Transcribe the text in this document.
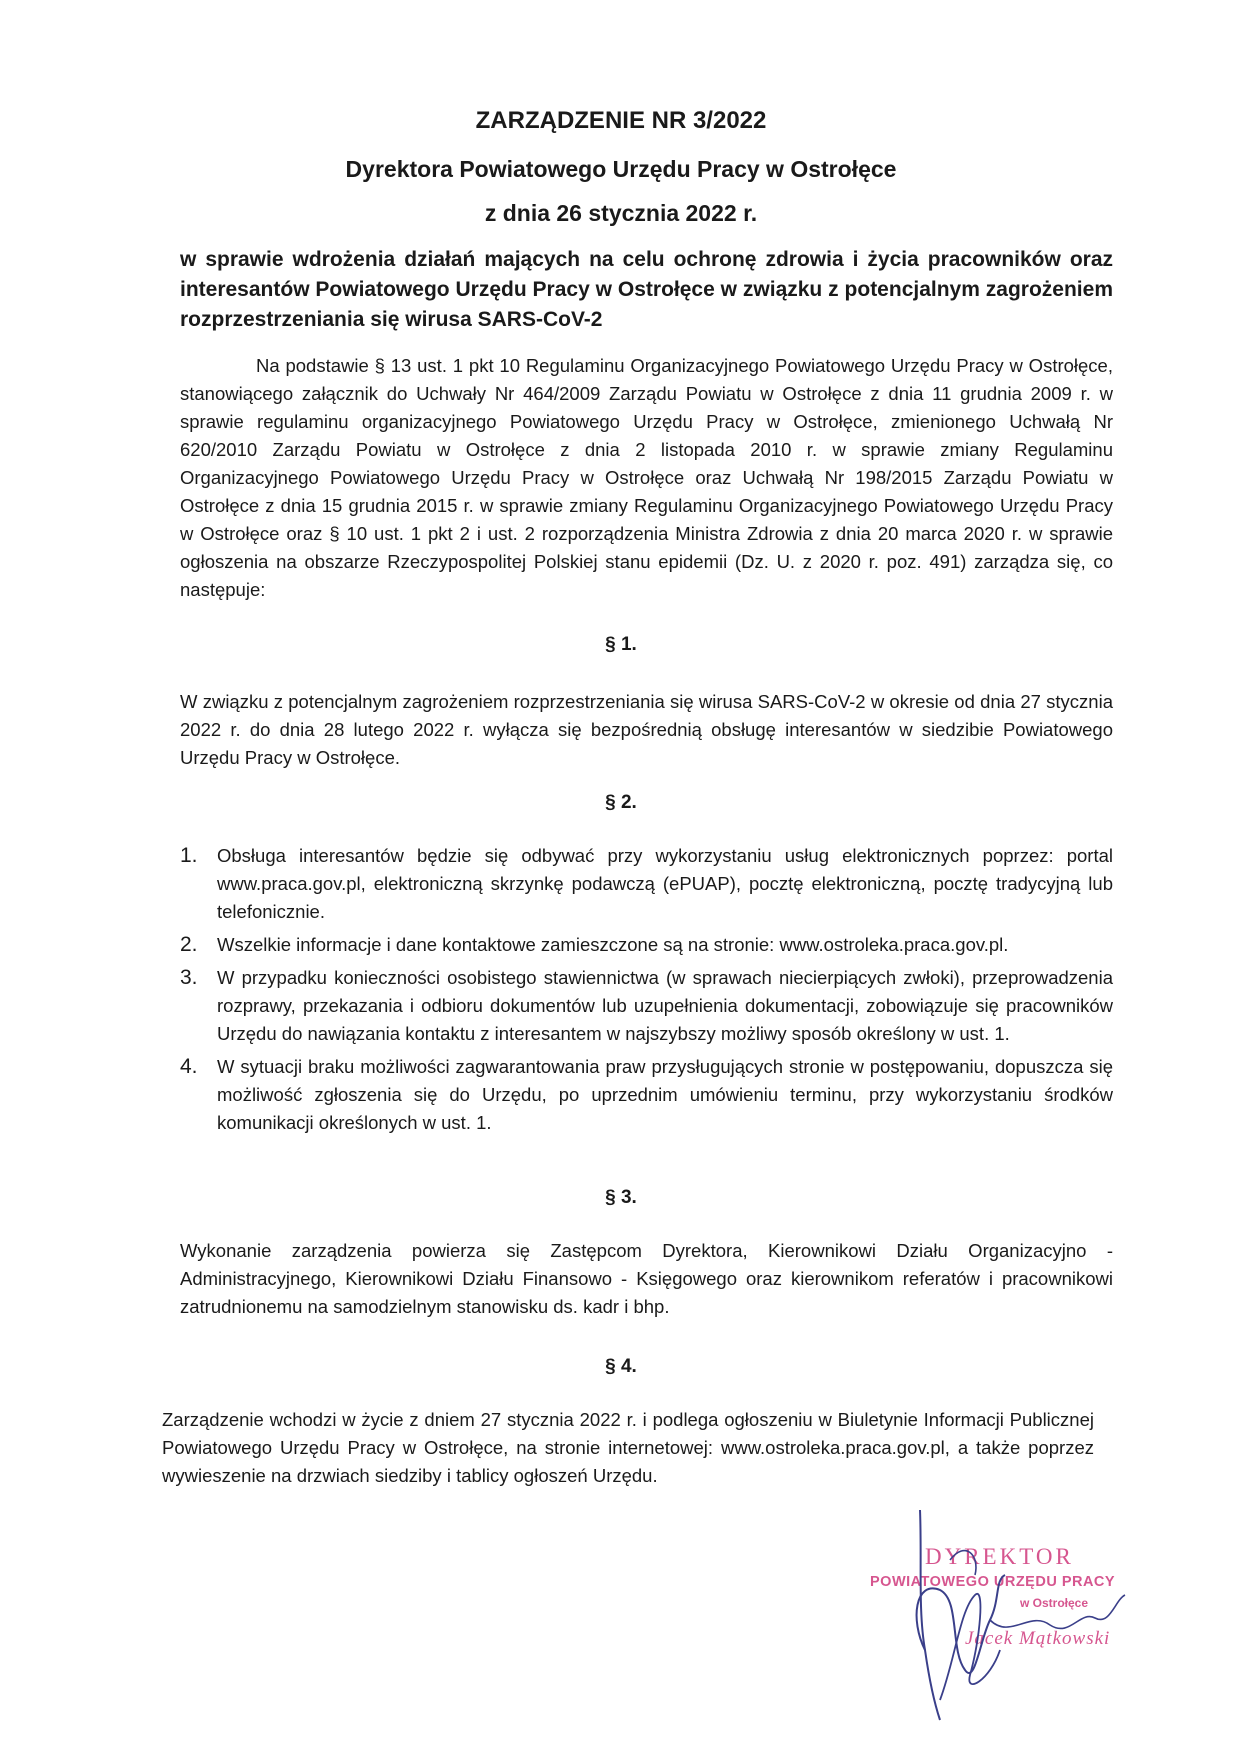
ZARZĄDZENIE NR 3/2022
Dyrektora Powiatowego Urzędu Pracy w Ostrołęce
z dnia 26 stycznia 2022 r.
w sprawie wdrożenia działań mających na celu ochronę zdrowia i życia pracowników oraz interesantów Powiatowego Urzędu Pracy w Ostrołęce w związku z potencjalnym zagrożeniem rozprzestrzeniania się wirusa SARS-CoV-2
Na podstawie § 13 ust. 1 pkt 10 Regulaminu Organizacyjnego Powiatowego Urzędu Pracy w Ostrołęce, stanowiącego załącznik do Uchwały Nr 464/2009 Zarządu Powiatu w Ostrołęce z dnia 11 grudnia 2009 r. w sprawie regulaminu organizacyjnego Powiatowego Urzędu Pracy w Ostrołęce, zmienionego Uchwałą Nr 620/2010 Zarządu Powiatu w Ostrołęce z dnia 2 listopada 2010 r. w sprawie zmiany Regulaminu Organizacyjnego Powiatowego Urzędu Pracy w Ostrołęce oraz Uchwałą Nr 198/2015 Zarządu Powiatu w Ostrołęce z dnia 15 grudnia 2015 r. w sprawie zmiany Regulaminu Organizacyjnego Powiatowego Urzędu Pracy w Ostrołęce oraz § 10 ust. 1 pkt 2 i ust. 2 rozporządzenia Ministra Zdrowia z dnia 20 marca 2020 r. w sprawie ogłoszenia na obszarze Rzeczypospolitej Polskiej stanu epidemii (Dz. U. z 2020 r. poz. 491) zarządza się, co następuje:
§ 1.
W związku z potencjalnym zagrożeniem rozprzestrzeniania się wirusa SARS-CoV-2 w okresie od dnia 27 stycznia 2022 r. do dnia 28 lutego 2022 r. wyłącza się bezpośrednią obsługę interesantów w siedzibie Powiatowego Urzędu Pracy w Ostrołęce.
§ 2.
1. Obsługa interesantów będzie się odbywać przy wykorzystaniu usług elektronicznych poprzez: portal www.praca.gov.pl, elektroniczną skrzynkę podawczą (ePUAP), pocztę elektroniczną, pocztę tradycyjną lub telefonicznie.
2. Wszelkie informacje i dane kontaktowe zamieszczone są na stronie: www.ostroleka.praca.gov.pl.
3. W przypadku konieczności osobistego stawiennictwa (w sprawach niecierpiących zwłoki), przeprowadzenia rozprawy, przekazania i odbioru dokumentów lub uzupełnienia dokumentacji, zobowiązuje się pracowników Urzędu do nawiązania kontaktu z interesantem w najszybszy możliwy sposób określony w ust. 1.
4. W sytuacji braku możliwości zagwarantowania praw przysługujących stronie w postępowaniu, dopuszcza się możliwość zgłoszenia się do Urzędu, po uprzednim umówieniu terminu, przy wykorzystaniu środków komunikacji określonych w ust. 1.
§ 3.
Wykonanie zarządzenia powierza się Zastępcom Dyrektora, Kierownikowi Działu Organizacyjno - Administracyjnego, Kierownikowi Działu Finansowo - Księgowego oraz kierownikom referatów i pracownikowi zatrudnionemu na samodzielnym stanowisku ds. kadr i bhp.
§ 4.
Zarządzenie wchodzi w życie z dniem 27 stycznia 2022 r. i podlega ogłoszeniu w Biuletynie Informacji Publicznej Powiatowego Urzędu Pracy w Ostrołęce, na stronie internetowej: www.ostroleka.praca.gov.pl, a także poprzez wywieszenie na drzwiach siedziby i tablicy ogłoszeń Urzędu.
DYREKTOR
POWIATOWEGO URZĘDU PRACY
w Ostrołęce
Jacek Mątkowski
